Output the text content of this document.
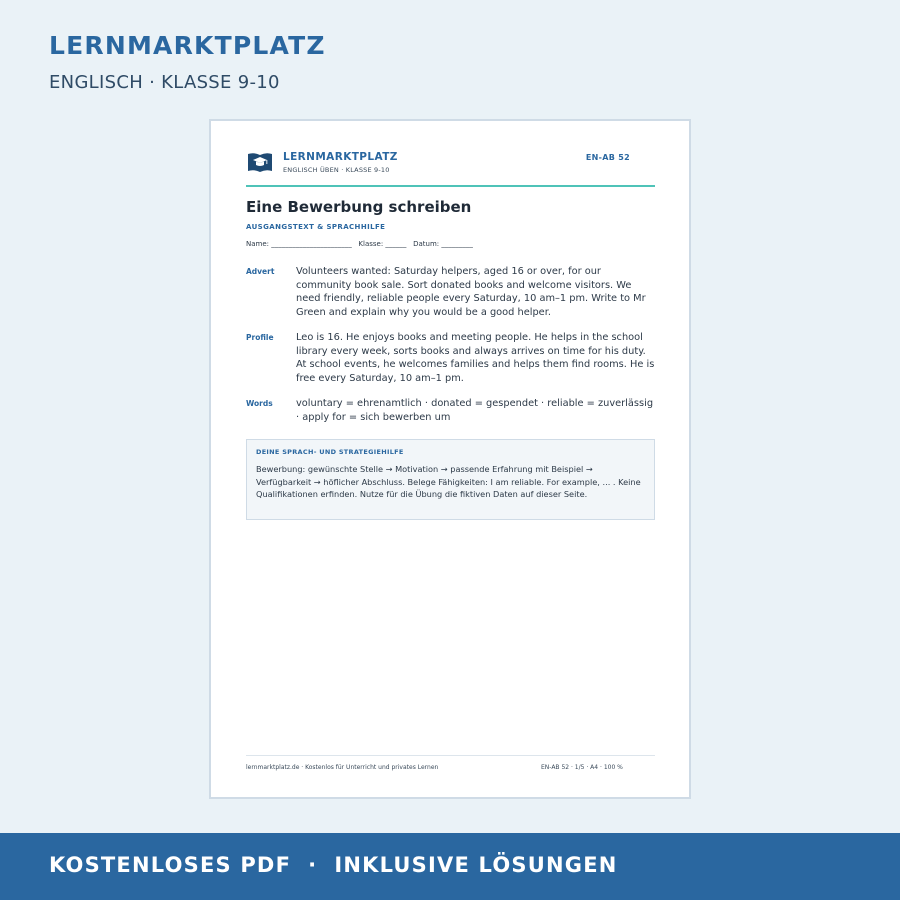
LERNMARKTPLATZ
ENGLISCH · KLASSE 9-10
LERNMARKTPLATZ
ENGLISCH ÜBEN · KLASSE 9-10
EN-AB 52
Eine Bewerbung schreiben
AUSGANGSTEXT & SPRACHHILFE
Name: _______________________   Klasse: ______   Datum: _________
Advert Volunteers wanted: Saturday helpers, aged 16 or over, for our community book sale. Sort donated books and welcome visitors. We need friendly, reliable people every Saturday, 10 am–1 pm. Write to Mr Green and explain why you would be a good helper.
Profile Leo is 16. He enjoys books and meeting people. He helps in the school library every week, sorts books and always arrives on time for his duty. At school events, he welcomes families and helps them find rooms. He is free every Saturday, 10 am–1 pm.
Words voluntary = ehrenamtlich · donated = gespendet · reliable = zuverlässig · apply for = sich bewerben um
DEINE SPRACH- UND STRATEGIEHILFE
Bewerbung: gewünschte Stelle → Motivation → passende Erfahrung mit Beispiel → Verfügbarkeit → höflicher Abschluss. Belege Fähigkeiten: I am reliable. For example, ... . Keine Qualifikationen erfinden. Nutze für die Übung die fiktiven Daten auf dieser Seite.
lernmarktplatz.de · Kostenlos für Unterricht und privates Lernen	EN-AB 52 · 1/5 · A4 · 100 %
KOSTENLOSES PDF  ·  INKLUSIVE LÖSUNGEN
